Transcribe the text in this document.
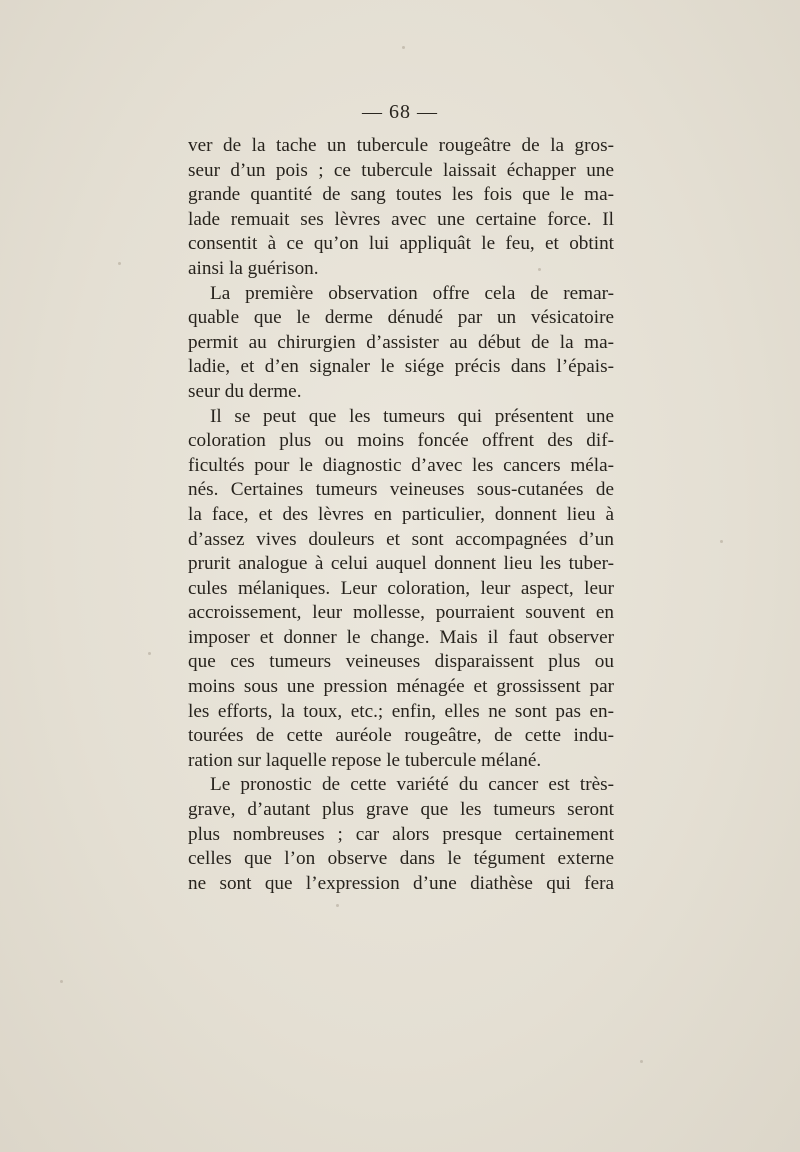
— 68 —
ver de la tache un tubercule rougeâtre de la gros-
seur d’un pois ; ce tubercule laissait échapper une
grande quantité de sang toutes les fois que le ma-
lade remuait ses lèvres avec une certaine force. Il
consentit à ce qu’on lui appliquât le feu, et obtint
ainsi la guérison.
La première observation offre cela de remar-
quable que le derme dénudé par un vésicatoire
permit au chirurgien d’assister au début de la ma-
ladie, et d’en signaler le siége précis dans l’épais-
seur du derme.
Il se peut que les tumeurs qui présentent une
coloration plus ou moins foncée offrent des dif-
ficultés pour le diagnostic d’avec les cancers méla-
nés. Certaines tumeurs veineuses sous-cutanées de
la face, et des lèvres en particulier, donnent lieu à
d’assez vives douleurs et sont accompagnées d’un
prurit analogue à celui auquel donnent lieu les tuber-
cules mélaniques. Leur coloration, leur aspect, leur
accroissement, leur mollesse, pourraient souvent en
imposer et donner le change. Mais il faut observer
que ces tumeurs veineuses disparaissent plus ou
moins sous une pression ménagée et grossissent par
les efforts, la toux, etc.; enfin, elles ne sont pas en-
tourées de cette auréole rougeâtre, de cette indu-
ration sur laquelle repose le tubercule mélané.
Le pronostic de cette variété du cancer est très-
grave, d’autant plus grave que les tumeurs seront
plus nombreuses ; car alors presque certainement
celles que l’on observe dans le tégument externe
ne sont que l’expression d’une diathèse qui fera
